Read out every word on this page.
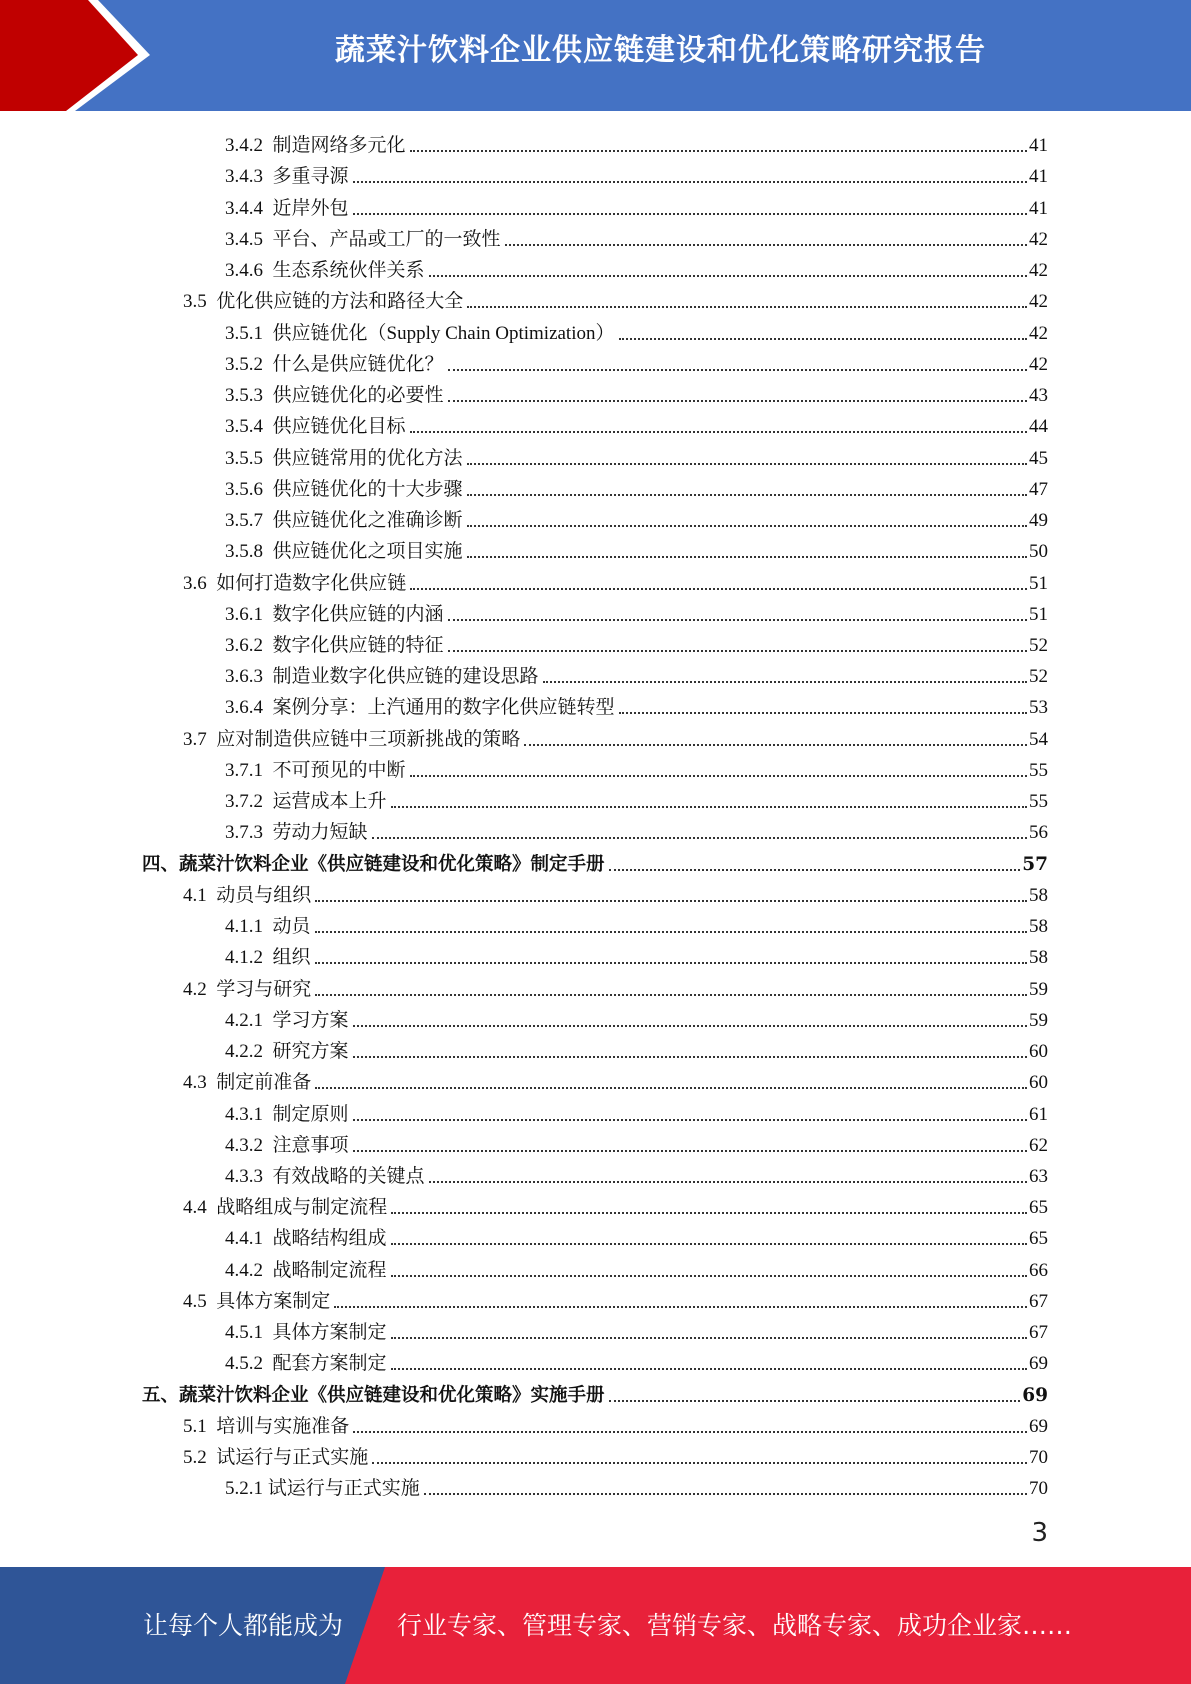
蔬菜汁饮料企业供应链建设和优化策略研究报告
3.4.2  制造网络多元化	41
3.4.3  多重寻源	41
3.4.4  近岸外包	41
3.4.5  平台、产品或工厂的一致性	42
3.4.6  生态系统伙伴关系	42
3.5  优化供应链的方法和路径大全	42
3.5.1  供应链优化（Supply Chain Optimization）	42
3.5.2  什么是供应链优化？	42
3.5.3  供应链优化的必要性	43
3.5.4  供应链优化目标	44
3.5.5  供应链常用的优化方法	45
3.5.6  供应链优化的十大步骤	47
3.5.7  供应链优化之准确诊断	49
3.5.8  供应链优化之项目实施	50
3.6  如何打造数字化供应链	51
3.6.1  数字化供应链的内涵	51
3.6.2  数字化供应链的特征	52
3.6.3  制造业数字化供应链的建设思路	52
3.6.4  案例分享：上汽通用的数字化供应链转型	53
3.7  应对制造供应链中三项新挑战的策略	54
3.7.1  不可预见的中断	55
3.7.2  运营成本上升	55
3.7.3  劳动力短缺	56
四、蔬菜汁饮料企业《供应链建设和优化策略》制定手册	57
4.1  动员与组织	58
4.1.1  动员	58
4.1.2  组织	58
4.2  学习与研究	59
4.2.1  学习方案	59
4.2.2  研究方案	60
4.3  制定前准备	60
4.3.1  制定原则	61
4.3.2  注意事项	62
4.3.3  有效战略的关键点	63
4.4  战略组成与制定流程	65
4.4.1  战略结构组成	65
4.4.2  战略制定流程	66
4.5  具体方案制定	67
4.5.1  具体方案制定	67
4.5.2  配套方案制定	69
五、蔬菜汁饮料企业《供应链建设和优化策略》实施手册	69
5.1  培训与实施准备	69
5.2  试运行与正式实施	70
5.2.1 试运行与正式实施	70
3
让每个人都能成为 行业专家、管理专家、营销专家、战略专家、成功企业家……
